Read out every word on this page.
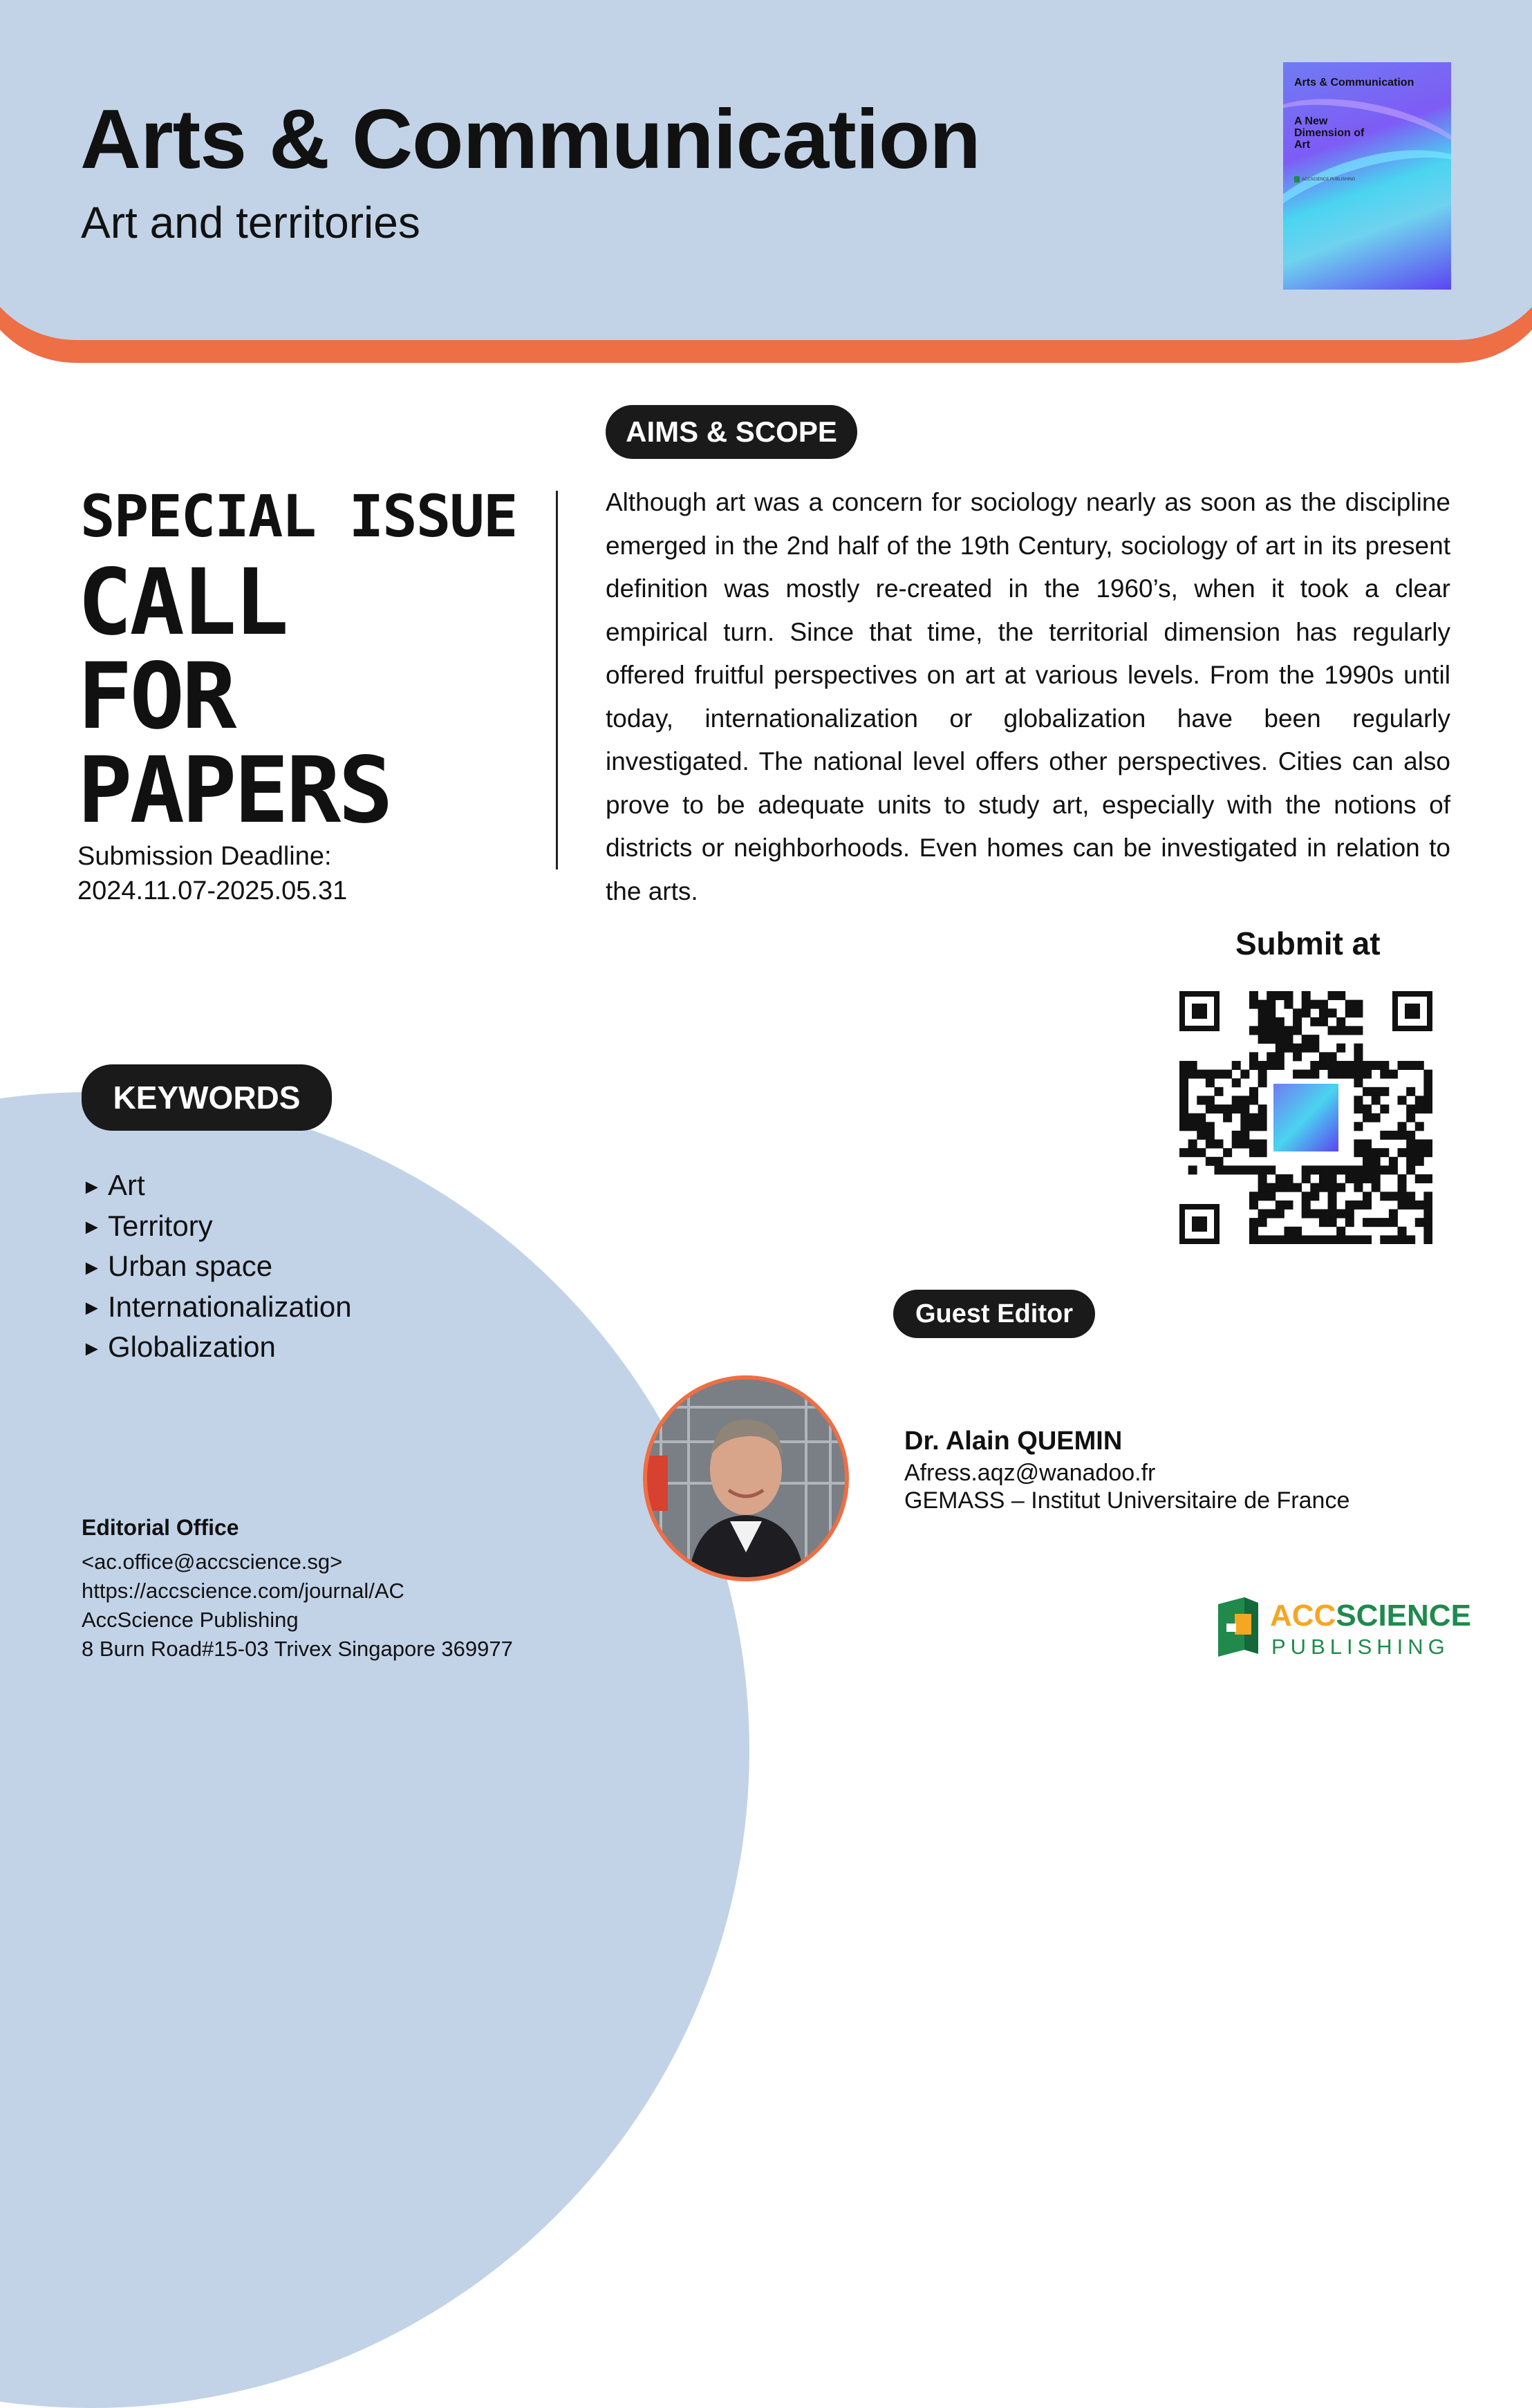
Arts & Communication
Art and territories
Arts & Communication
A New Dimension of Art
ACCSCIENCE PUBLISHING
SPECIAL ISSUE
CALL
FOR
PAPERS
Submission Deadline:
2024.11.07-2025.05.31
AIMS & SCOPE
Although art was a concern for sociology nearly as soon as the discipline emerged in the 2nd half of the 19th Century, sociology of art in its present definition was mostly re-created in the 1960’s, when it took a clear empirical turn. Since that time, the territorial dimension has regularly offered fruitful perspectives on art at various levels. From the 1990s until today, internationalization or globalization have been regularly investigated. The national level offers other perspectives. Cities can also prove to be adequate units to study art, especially with the notions of districts or neighborhoods. Even homes can be investigated in relation to the arts.
Submit at
KEYWORDS
► Art
► Territory
► Urban space
► Internationalization
► Globalization
Guest Editor
Dr. Alain QUEMIN
Afress.aqz@wanadoo.fr
GEMASS – Institut Universitaire de France
Editorial Office
<ac.office@accscience.sg>
https://accscience.com/journal/AC
AccScience Publishing
8 Burn Road#15-03 Trivex Singapore 369977
ACCSCIENCE
PUBLISHING
